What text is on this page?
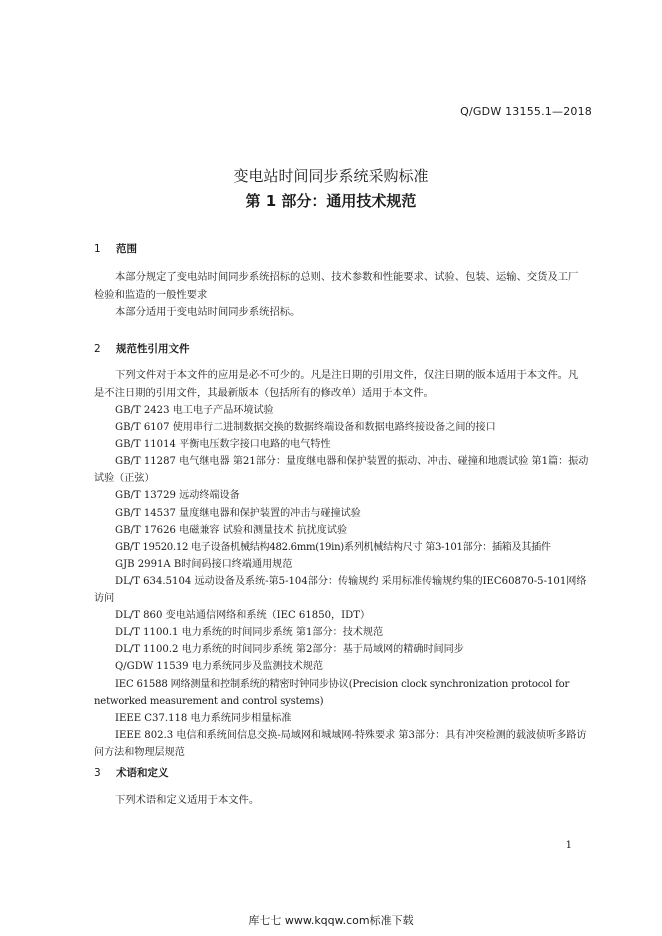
Q/GDW 13155.1—2018
变电站时间同步系统采购标准
第 1 部分：通用技术规范
1 范围

本部分规定了变电站时间同步系统招标的总则、技术参数和性能要求、试验、包装、运输、交货及工厂检验和监造的一般性要求

本部分适用于变电站时间同步系统招标。

2 规范性引用文件

下列文件对于本文件的应用是必不可少的。凡是注日期的引用文件，仅注日期的版本适用于本文件。凡是不注日期的引用文件，其最新版本（包括所有的修改单）适用于本文件。

GB/T 2423 电工电子产品环境试验

GB/T 6107 使用串行二进制数据交换的数据终端设备和数据电路终接设备之间的接口

GB/T 11014 平衡电压数字接口电路的电气特性

GB/T 11287 电气继电器 第21部分：量度继电器和保护装置的振动、冲击、碰撞和地震试验 第1篇：振动试验（正弦）

GB/T 13729 远动终端设备

GB/T 14537 量度继电器和保护装置的冲击与碰撞试验

GB/T 17626 电磁兼容 试验和测量技术 抗扰度试验

GB/T 19520.12 电子设备机械结构482.6mm(19in)系列机械结构尺寸 第3-101部分：插箱及其插件

GJB 2991A B时间码接口终端通用规范

DL/T 634.5104 远动设备及系统-第5-104部分：传输规约 采用标准传输规约集的IEC60870-5-101网络访问

DL/T 860 变电站通信网络和系统（IEC 61850，IDT）

DL/T 1100.1 电力系统的时间同步系统 第1部分：技术规范

DL/T 1100.2 电力系统的时间同步系统 第2部分：基于局域网的精确时间同步

Q/GDW 11539 电力系统同步及监测技术规范

IEC 61588 网络测量和控制系统的精密时钟同步协议(Precision clock synchronization protocol for networked measurement and control systems)

IEEE C37.118 电力系统同步相量标准

IEEE 802.3 电信和系统间信息交换-局域网和城域网-特殊要求 第3部分：具有冲突检测的载波侦听多路访问方法和物理层规范

3 术语和定义

下列术语和定义适用于本文件。

1
库七七 www.kqqw.com标准下载
